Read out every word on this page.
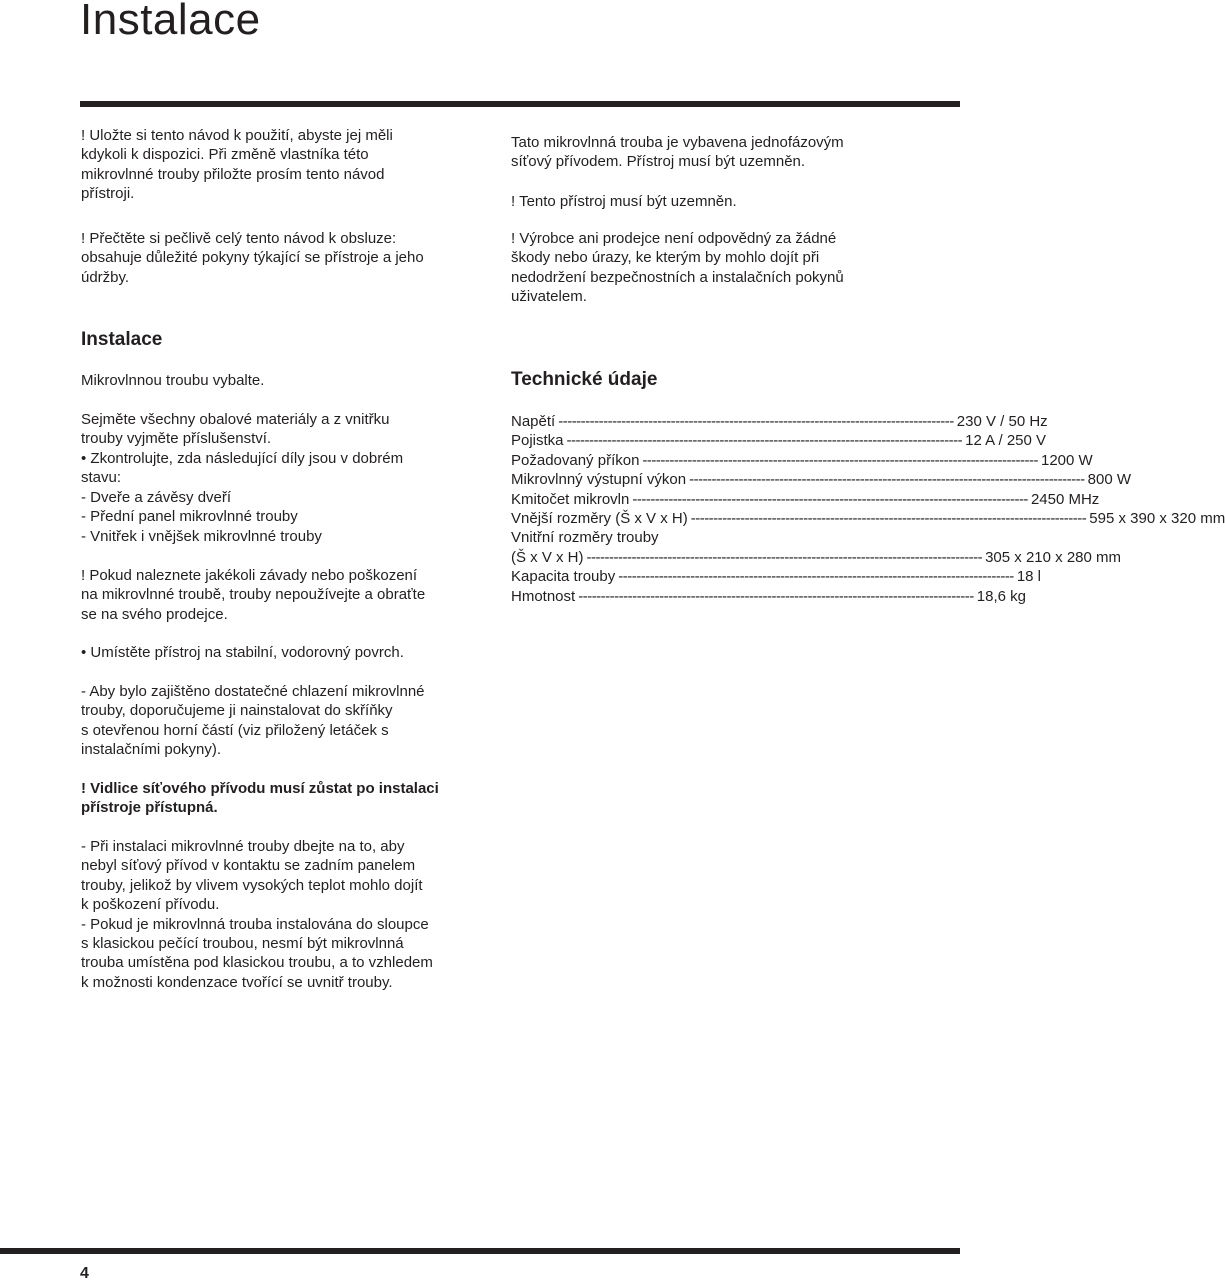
Instalace

! Uložte si tento návod k použití, abyste jej měli
kdykoli k dispozici. Při změně vlastníka této
mikrovlnné trouby přiložte prosím tento návod
přístroji.

! Přečtěte si pečlivě celý tento návod k obsluze:
obsahuje důležité pokyny týkající se přístroje a jeho
údržby.

Instalace

Mikrovlnnou troubu vybalte.

Sejměte všechny obalové materiály a z vnitřku
trouby vyjměte příslušenství.

• Zkontrolujte, zda následující díly jsou v dobrém
stavu:
- Dveře a závěsy dveří
- Přední panel mikrovlnné trouby
- Vnitřek i vnějšek mikrovlnné trouby

! Pokud naleznete jakékoli závady nebo poškození
na mikrovlnné troubě, trouby nepoužívejte a obraťte
se na svého prodejce.

• Umístěte přístroj na stabilní, vodorovný povrch.

- Aby bylo zajištěno dostatečné chlazení mikrovlnné
trouby, doporučujeme ji nainstalovat do skříňky
s otevřenou horní částí (viz přiložený letáček s
instalačními pokyny).

! Vidlice síťového přívodu musí zůstat po instalaci
přístroje přístupná.

- Při instalaci mikrovlnné trouby dbejte na to, aby
nebyl síťový přívod v kontaktu se zadním panelem
trouby, jelikož by vlivem vysokých teplot mohlo dojít
k poškození přívodu.
- Pokud je mikrovlnná trouba instalována do sloupce
s klasickou pečící troubou, nesmí být mikrovlnná
trouba umístěna pod klasickou troubu, a to vzhledem
k možnosti kondenzace tvořící se uvnitř trouby.

Tato mikrovlnná trouba je vybavena jednofázovým
síťový přívodem. Přístroj musí být uzemněn.

! Tento přístroj musí být uzemněn.

! Výrobce ani prodejce není odpovědný za žádné
škody nebo úrazy, ke kterým by mohlo dojít při
nedodržení bezpečnostních a instalačních pokynů
uživatelem.

Technické údaje
Napětí ---------------------------------------------------------------------------------------- 230 V / 50 Hz
Pojistka ---------------------------------------------------------------------------------------- 12 A / 250 V
Požadovaný příkon ---------------------------------------------------------------------------------------- 1200 W
Mikrovlnný výstupní výkon ---------------------------------------------------------------------------------------- 800 W
Kmitočet mikrovln ---------------------------------------------------------------------------------------- 2450 MHz
Vnější rozměry (Š x V x H) ---------------------------------------------------------------------------------------- 595 x 390 x 320 mm
Vnitřní rozměry trouby
(Š x V x H) ---------------------------------------------------------------------------------------- 305 x 210 x 280 mm
Kapacita trouby ---------------------------------------------------------------------------------------- 18 l
Hmotnost ---------------------------------------------------------------------------------------- 18,6 kg
4
